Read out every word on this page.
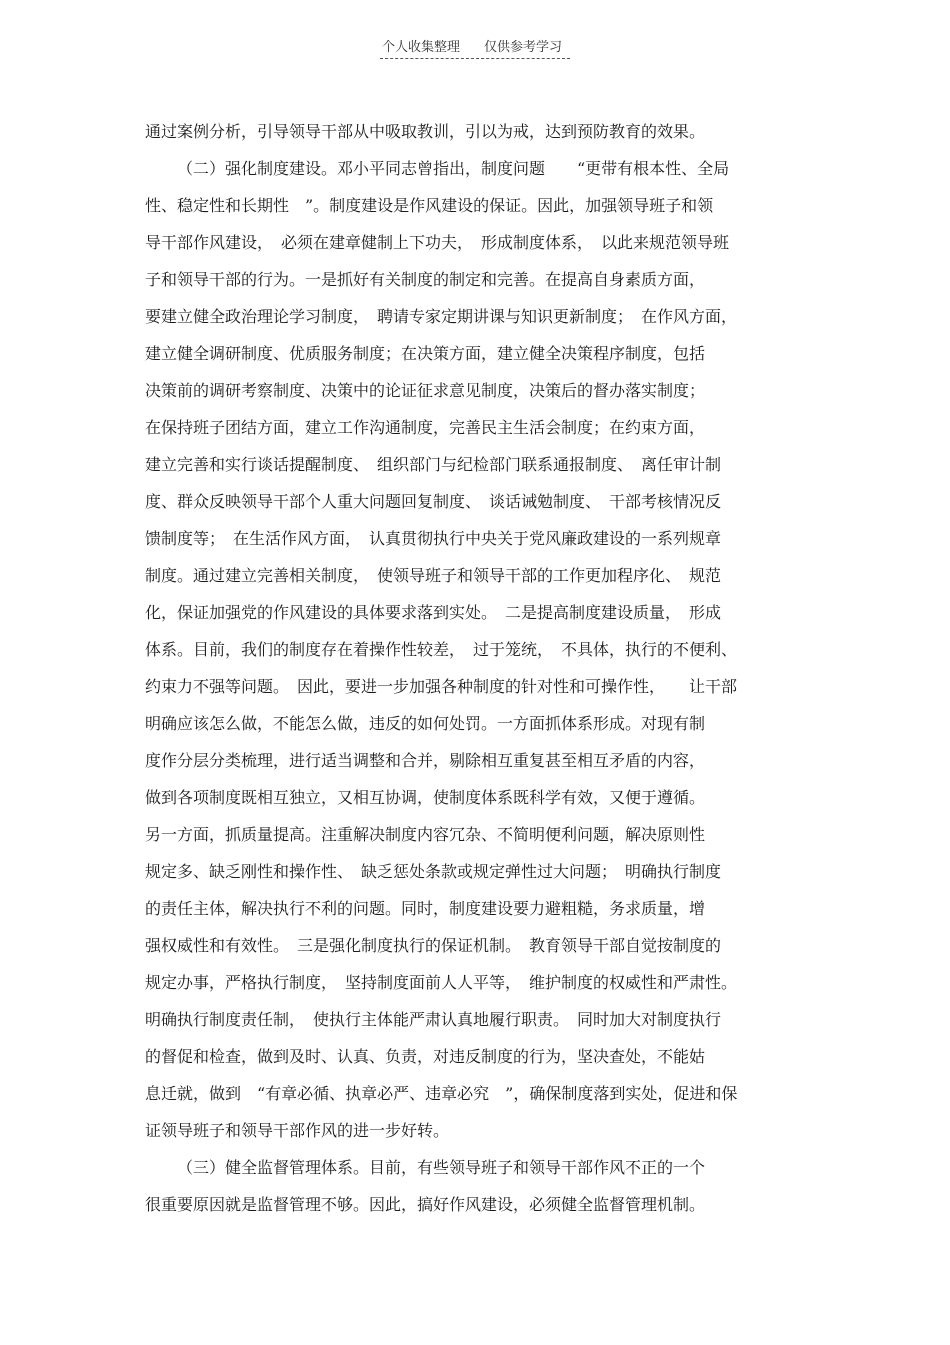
个人收集整理 仅供参考学习
通过案例分析，引导领导干部从中吸取教训，引以为戒，达到预防教育的效果。
（二）强化制度建设。邓小平同志曾指出，制度问题　　“更带有根本性、全局
性、稳定性和长期性　”。制度建设是作风建设的保证。因此，加强领导班子和领
导干部作风建设，　必须在建章健制上下功夫，　形成制度体系，　以此来规范领导班
子和领导干部的行为。一是抓好有关制度的制定和完善。在提高自身素质方面，
要建立健全政治理论学习制度，　聘请专家定期讲课与知识更新制度；　在作风方面，
建立健全调研制度、优质服务制度；在决策方面，建立健全决策程序制度，包括
决策前的调研考察制度、决策中的论证征求意见制度，决策后的督办落实制度；
在保持班子团结方面，建立工作沟通制度，完善民主生活会制度；在约束方面，
建立完善和实行谈话提醒制度、　组织部门与纪检部门联系通报制度、　离任审计制
度、群众反映领导干部个人重大问题回复制度、　谈话诫勉制度、　干部考核情况反
馈制度等；　在生活作风方面，　认真贯彻执行中央关于党风廉政建设的一系列规章
制度。通过建立完善相关制度，　使领导班子和领导干部的工作更加程序化、　规范
化，保证加强党的作风建设的具体要求落到实处。　二是提高制度建设质量，　形成
体系。目前，我们的制度存在着操作性较差，　过于笼统，　不具体，执行的不便利、
约束力不强等问题。　因此，要进一步加强各种制度的针对性和可操作性，　　让干部
明确应该怎么做，不能怎么做，违反的如何处罚。一方面抓体系形成。对现有制
度作分层分类梳理，进行适当调整和合并，剔除相互重复甚至相互矛盾的内容，
做到各项制度既相互独立，又相互协调，使制度体系既科学有效，又便于遵循。
另一方面，抓质量提高。注重解决制度内容冗杂、不简明便利问题，解决原则性
规定多、缺乏刚性和操作性、　缺乏惩处条款或规定弹性过大问题；　明确执行制度
的责任主体，解决执行不利的问题。同时，制度建设要力避粗糙，务求质量，增
强权威性和有效性。　三是强化制度执行的保证机制。　教育领导干部自觉按制度的
规定办事，严格执行制度，　坚持制度面前人人平等，　维护制度的权威性和严肃性。
明确执行制度责任制，　使执行主体能严肃认真地履行职责。　同时加大对制度执行
的督促和检查，做到及时、认真、负责，对违反制度的行为，坚决查处，不能姑
息迁就，做到　“有章必循、执章必严、违章必究　”，确保制度落到实处，促进和保
证领导班子和领导干部作风的进一步好转。
（三）健全监督管理体系。目前，有些领导班子和领导干部作风不正的一个
很重要原因就是监督管理不够。因此，搞好作风建设，必须健全监督管理机制。
